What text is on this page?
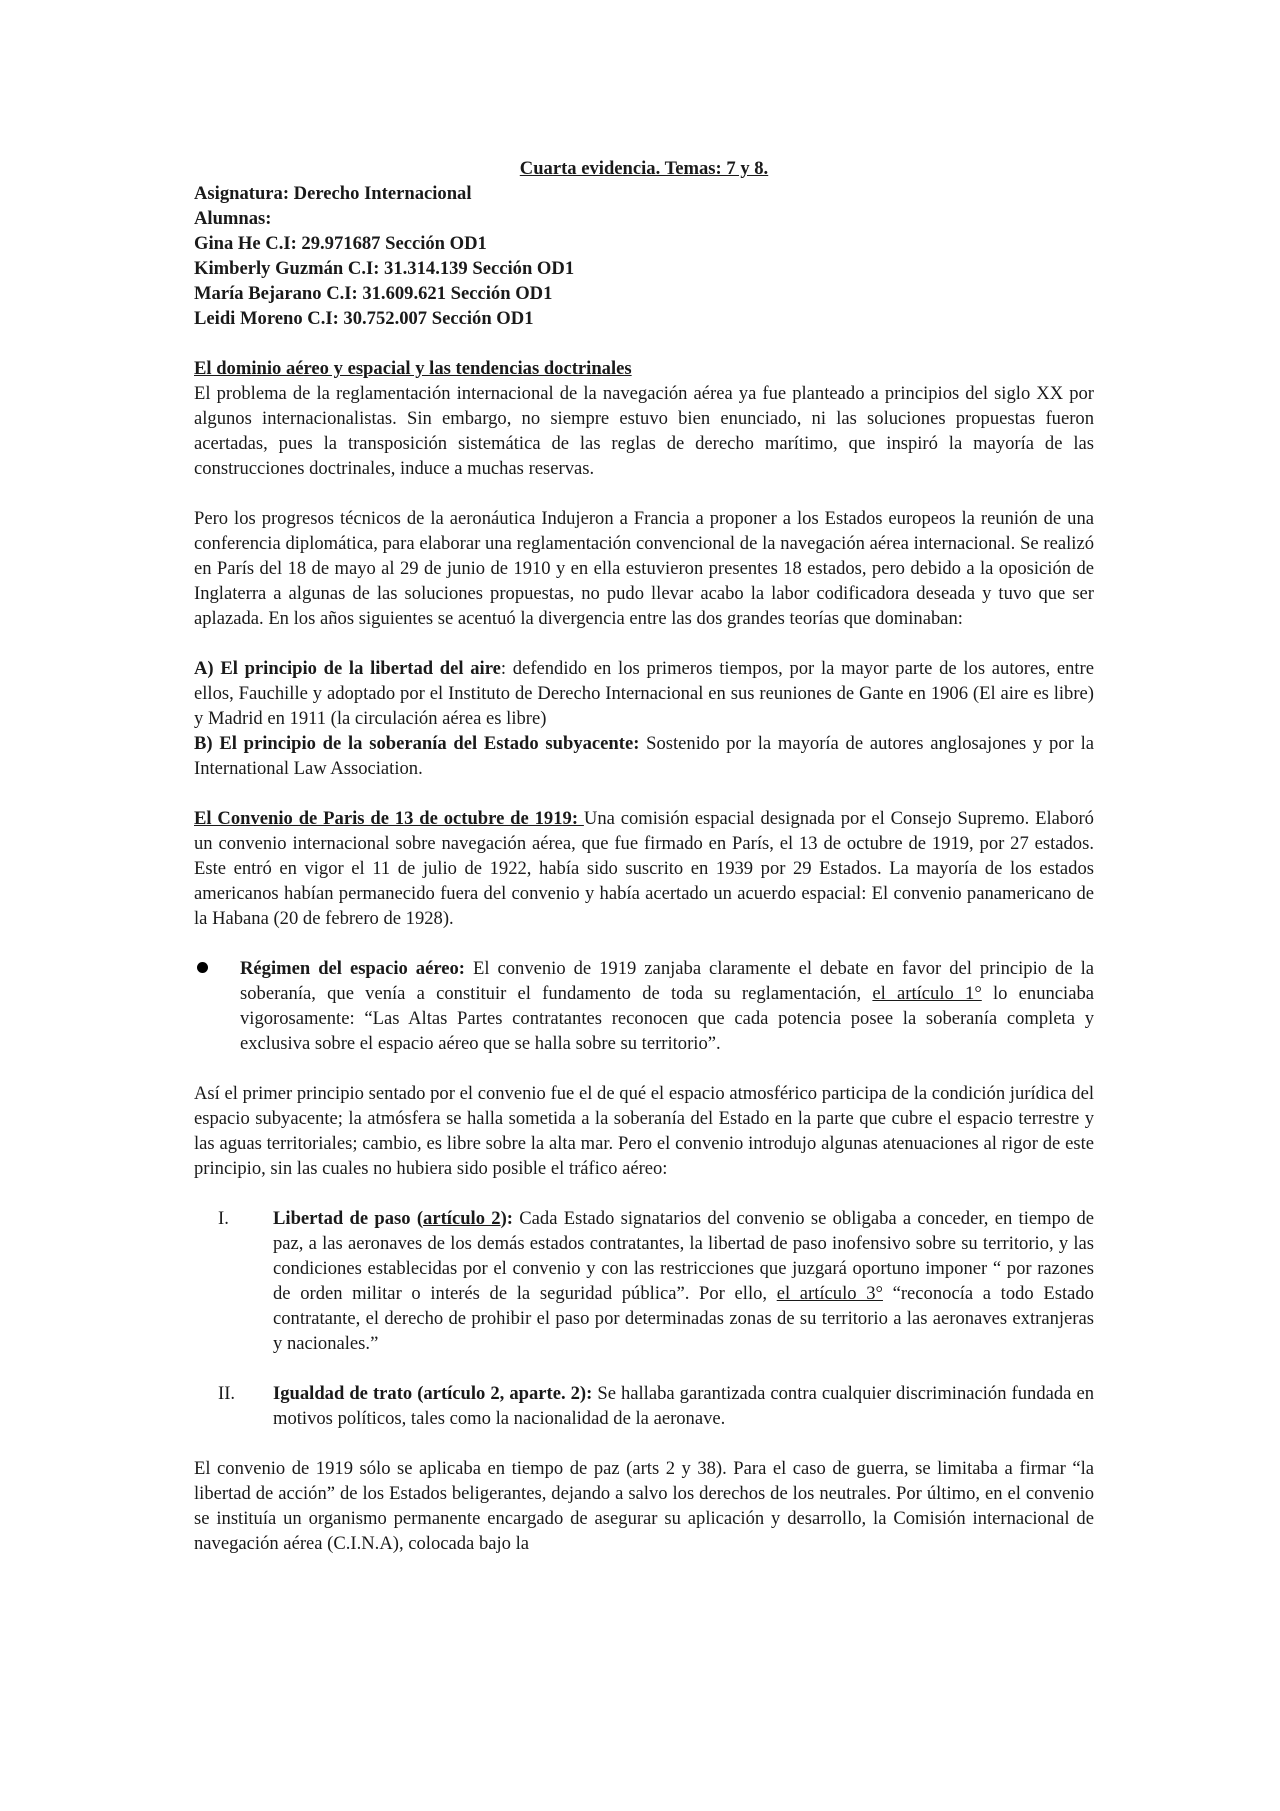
Cuarta evidencia. Temas: 7 y 8.

Asignatura: Derecho Internacional

Alumnas:

Gina He C.I: 29.971687 Sección OD1

Kimberly Guzmán C.I: 31.314.139 Sección OD1

María Bejarano C.I: 31.609.621 Sección OD1

Leidi Moreno C.I: 30.752.007 Sección OD1

El dominio aéreo y espacial y las tendencias doctrinales

El problema de la reglamentación internacional de la navegación aérea ya fue planteado a principios del siglo XX por algunos internacionalistas. Sin embargo, no siempre estuvo bien enunciado, ni las soluciones propuestas fueron acertadas, pues la transposición sistemática de las reglas de derecho marítimo, que inspiró la mayoría de las construcciones doctrinales, induce a muchas reservas.

Pero los progresos técnicos de la aeronáutica Indujeron a Francia a proponer a los Estados europeos la reunión de una conferencia diplomática, para elaborar una reglamentación convencional de la navegación aérea internacional. Se realizó en París del 18 de mayo al 29 de junio de 1910 y en ella estuvieron presentes 18 estados, pero debido a la oposición de Inglaterra a algunas de las soluciones propuestas, no pudo llevar acabo la labor codificadora deseada y tuvo que ser aplazada. En los años siguientes se acentuó la divergencia entre las dos grandes teorías que dominaban:

A) El principio de la libertad del aire: defendido en los primeros tiempos, por la mayor parte de los autores, entre ellos, Fauchille y adoptado por el Instituto de Derecho Internacional en sus reuniones de Gante en 1906 (El aire es libre) y Madrid en 1911 (la circulación aérea es libre)

B) El principio de la soberanía del Estado subyacente: Sostenido por la mayoría de autores anglosajones y por la International Law Association.

El Convenio de Paris de 13 de octubre de 1919: Una comisión espacial designada por el Consejo Supremo. Elaboró un convenio internacional sobre navegación aérea, que fue firmado en París, el 13 de octubre de 1919, por 27 estados. Este entró en vigor el 11 de julio de 1922, había sido suscrito en 1939 por 29 Estados. La mayoría de los estados americanos habían permanecido fuera del convenio y había acertado un acuerdo espacial: El convenio panamericano de la Habana (20 de febrero de 1928).

Régimen del espacio aéreo: El convenio de 1919 zanjaba claramente el debate en favor del principio de la soberanía, que venía a constituir el fundamento de toda su reglamentación, el artículo 1° lo enunciaba vigorosamente: “Las Altas Partes contratantes reconocen que cada potencia posee la soberanía completa y exclusiva sobre el espacio aéreo que se halla sobre su territorio”.

Así el primer principio sentado por el convenio fue el de qué el espacio atmosférico participa de la condición jurídica del espacio subyacente; la atmósfera se halla sometida a la soberanía del Estado en la parte que cubre el espacio terrestre y las aguas territoriales; cambio, es libre sobre la alta mar. Pero el convenio introdujo algunas atenuaciones al rigor de este principio, sin las cuales no hubiera sido posible el tráfico aéreo:

I.	Libertad de paso (artículo 2): Cada Estado signatarios del convenio se obligaba a conceder, en tiempo de paz, a las aeronaves de los demás estados contratantes, la libertad de paso inofensivo sobre su territorio, y las condiciones establecidas por el convenio y con las restricciones que juzgará oportuno imponer “ por razones de orden militar o interés de la seguridad pública”. Por ello, el artículo 3° “reconocía a todo Estado contratante, el derecho de prohibir el paso por determinadas zonas de su territorio a las aeronaves extranjeras y nacionales.”
II.	Igualdad de trato (artículo 2, aparte. 2): Se hallaba garantizada contra cualquier discriminación fundada en motivos políticos, tales como la nacionalidad de la aeronave.

El convenio de 1919 sólo se aplicaba en tiempo de paz (arts 2 y 38). Para el caso de guerra, se limitaba a firmar “la libertad de acción” de los Estados beligerantes, dejando a salvo los derechos de los neutrales. Por último, en el convenio se instituía un organismo permanente encargado de asegurar su aplicación y desarrollo, la Comisión internacional de navegación aérea (C.I.N.A), colocada bajo la
